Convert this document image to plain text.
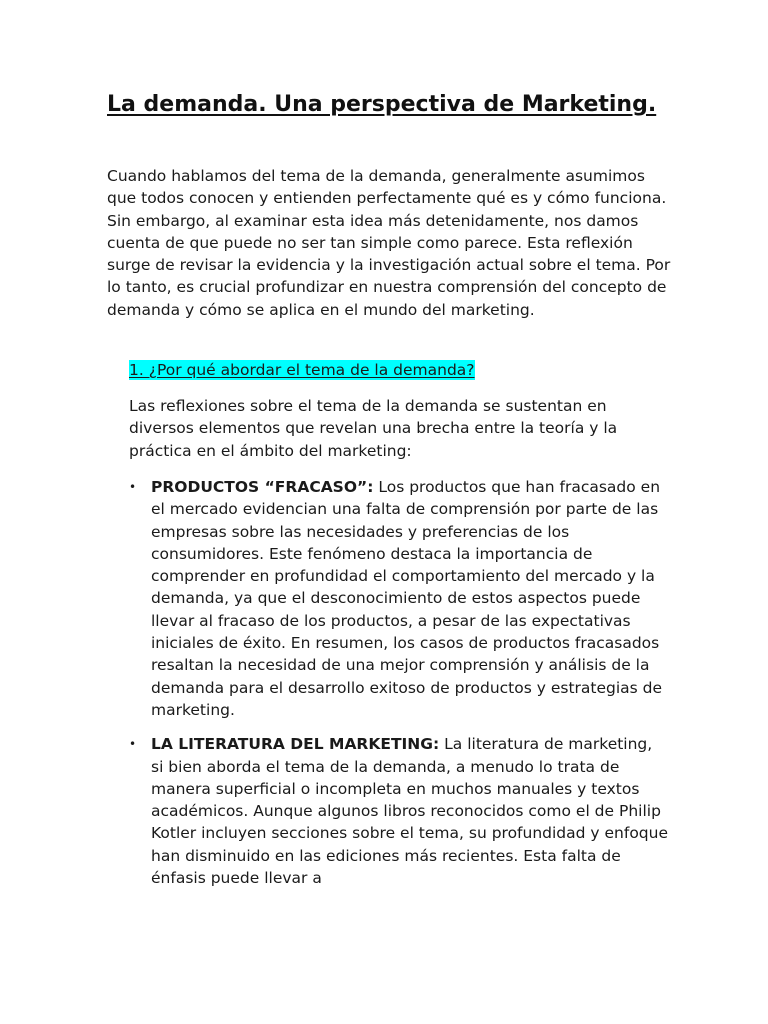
La demanda. Una perspectiva de Marketing.

Cuando hablamos del tema de la demanda, generalmente asumimos que todos conocen y entienden perfectamente qué es y cómo funciona. Sin embargo, al examinar esta idea más detenidamente, nos damos cuenta de que puede no ser tan simple como parece. Esta reflexión surge de revisar la evidencia y la investigación actual sobre el tema. Por lo tanto, es crucial profundizar en nuestra comprensión del concepto de demanda y cómo se aplica en el mundo del marketing.

1. ¿Por qué abordar el tema de la demanda?

Las reflexiones sobre el tema de la demanda se sustentan en diversos elementos que revelan una brecha entre la teoría y la práctica en el ámbito del marketing:

• PRODUCTOS “FRACASO”: Los productos que han fracasado en el mercado evidencian una falta de comprensión por parte de las empresas sobre las necesidades y preferencias de los consumidores. Este fenómeno destaca la importancia de comprender en profundidad el comportamiento del mercado y la demanda, ya que el desconocimiento de estos aspectos puede llevar al fracaso de los productos, a pesar de las expectativas iniciales de éxito. En resumen, los casos de productos fracasados resaltan la necesidad de una mejor comprensión y análisis de la demanda para el desarrollo exitoso de productos y estrategias de marketing.
• LA LITERATURA DEL MARKETING: La literatura de marketing, si bien aborda el tema de la demanda, a menudo lo trata de manera superficial o incompleta en muchos manuales y textos académicos. Aunque algunos libros reconocidos como el de Philip Kotler incluyen secciones sobre el tema, su profundidad y enfoque han disminuido en las ediciones más recientes. Esta falta de énfasis puede llevar a
